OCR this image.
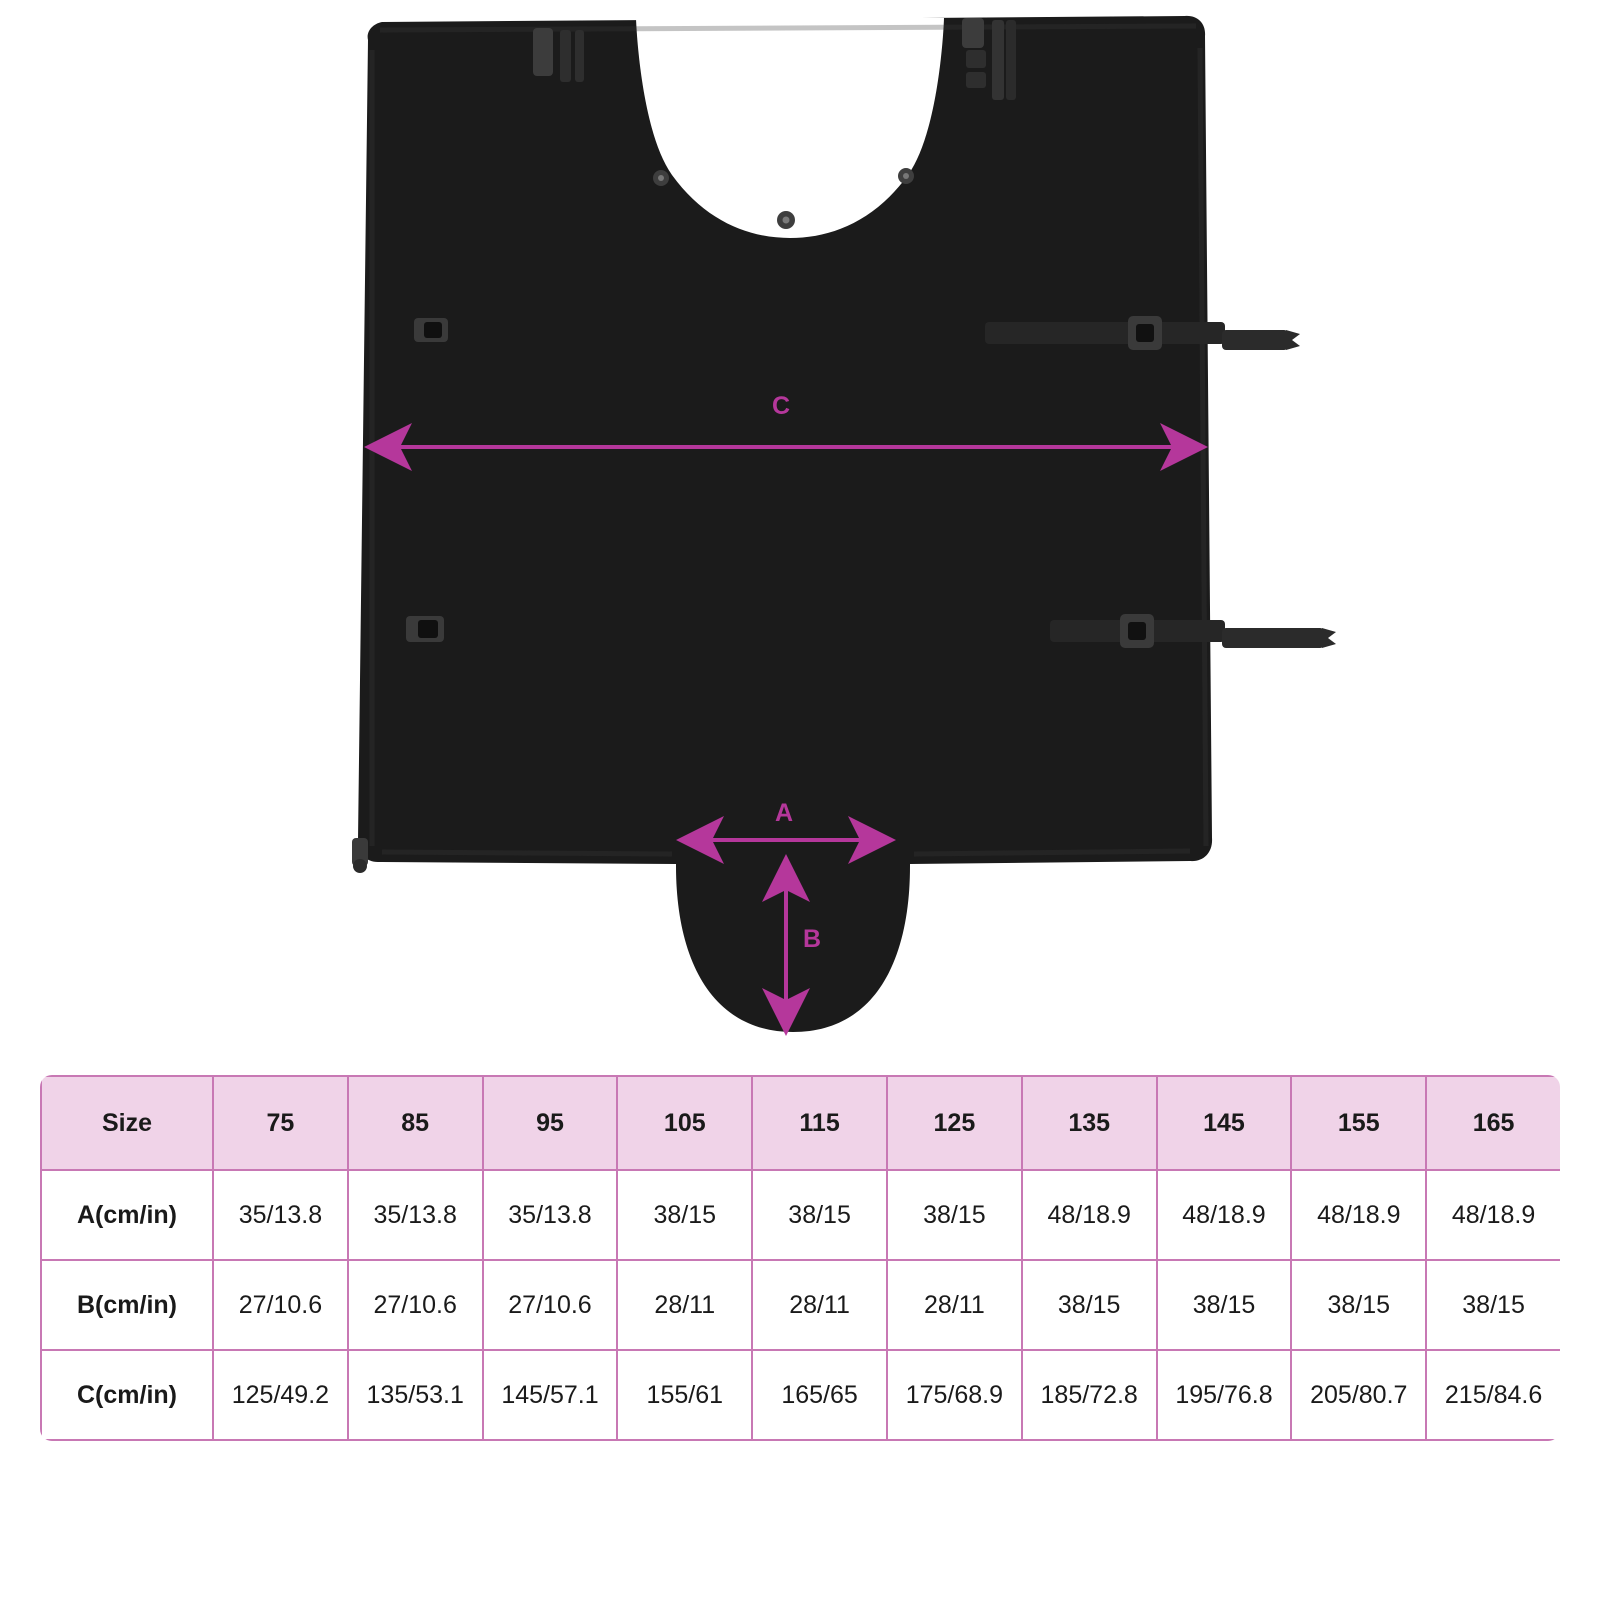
C
A
B
Size	75	85	95	105	115	125	135	145	155	165
A(cm/in)	35/13.8	35/13.8	35/13.8	38/15	38/15	38/15	48/18.9	48/18.9	48/18.9	48/18.9
B(cm/in)	27/10.6	27/10.6	27/10.6	28/11	28/11	28/11	38/15	38/15	38/15	38/15
C(cm/in)	125/49.2	135/53.1	145/57.1	155/61	165/65	175/68.9	185/72.8	195/76.8	205/80.7	215/84.6
